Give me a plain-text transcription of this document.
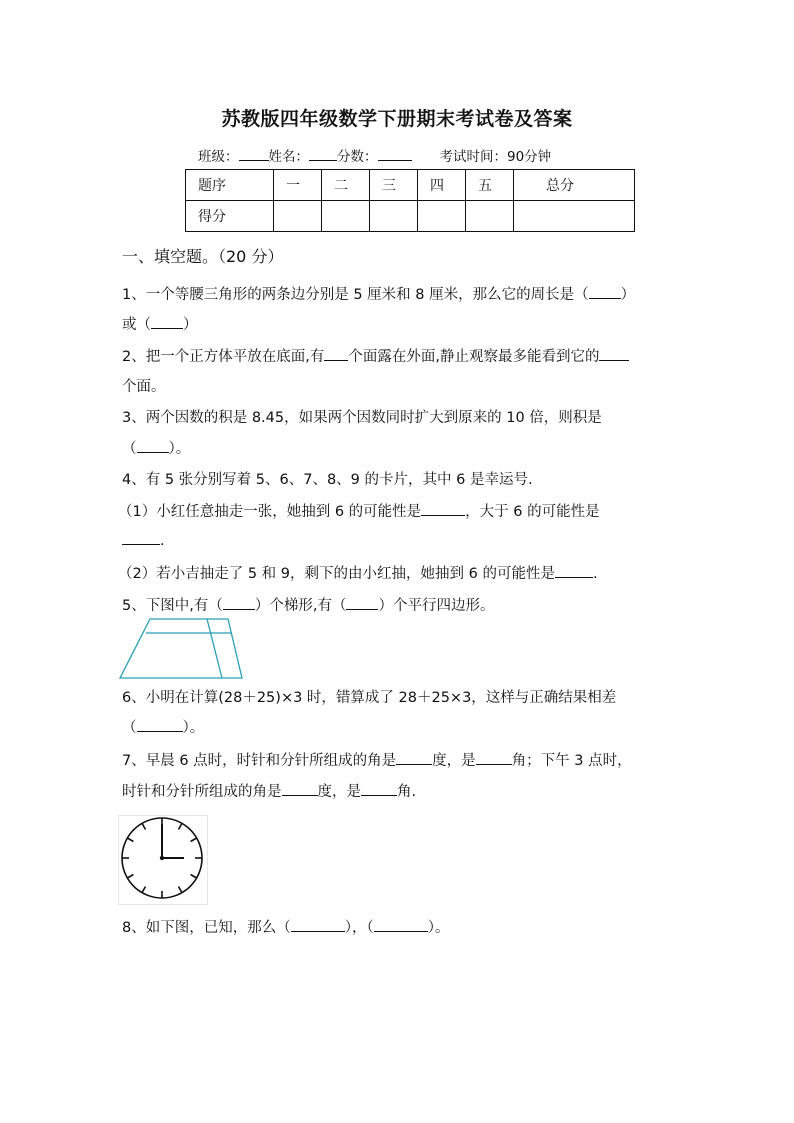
苏教版四年级数学下册期末考试卷及答案
班级： 姓名： 分数：	考试时间：90分钟
题序	一	二	三	四	五	总分
得分						
一、填空题。（20 分）
1、一个等腰三角形的两条边分别是 5 厘米和 8 厘米，那么它的周长是（ ）
或（ ）
2、把一个正方体平放在底面,有 个面露在外面,静止观察最多能看到它的
个面。
3、两个因数的积是 8.45，如果两个因数同时扩大到原来的 10 倍，则积是
（ ）。
4、有 5 张分别写着 5、6、7、8、9 的卡片，其中 6 是幸运号.
（1）小红任意抽走一张，她抽到 6 的可能性是	，大于 6 的可能性是
.
（2）若小吉抽走了 5 和 9，剩下的由小红抽，她抽到 6 的可能性是	.
5、下图中,有（ ）个梯形,有（ ）个平行四边形。
6、小明在计算(28＋25)×3 时，错算成了 28＋25×3，这样与正确结果相差
（	）。
7、早晨 6 点时，时针和分针所组成的角是 度，是 角；下午 3 点时，
时针和分针所组成的角是 度，是 角.
8、如下图，已知，那么（	），（	）。
